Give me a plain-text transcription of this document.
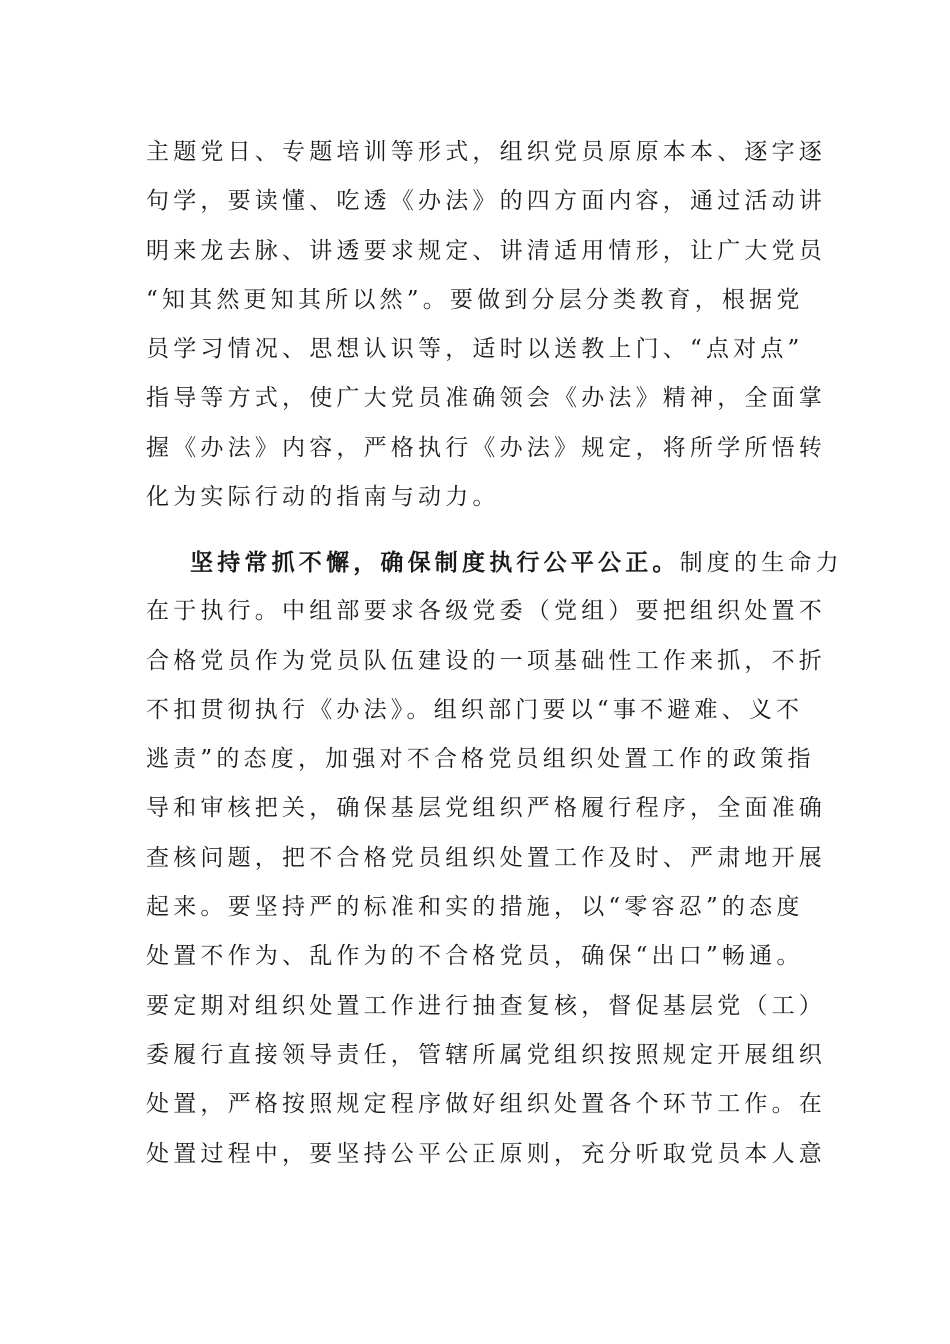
主题党日、专题培训等形式，组织党员原原本本、逐字逐
句学，要读懂、吃透《办法》的四方面内容，通过活动讲
明来龙去脉、讲透要求规定、讲清适用情形，让广大党员
“知其然更知其所以然”。要做到分层分类教育，根据党
员学习情况、思想认识等，适时以送教上门、“点对点”
指导等方式，使广大党员准确领会《办法》精神，全面掌
握《办法》内容，严格执行《办法》规定，将所学所悟转
化为实际行动的指南与动力。
坚持常抓不懈，确保制度执行公平公正。制度的生命力
在于执行。中组部要求各级党委（党组）要把组织处置不
合格党员作为党员队伍建设的一项基础性工作来抓，不折
不扣贯彻执行《办法》。组织部门要以“事不避难、义不
逃责”的态度，加强对不合格党员组织处置工作的政策指
导和审核把关，确保基层党组织严格履行程序，全面准确
查核问题，把不合格党员组织处置工作及时、严肃地开展
起来。要坚持严的标准和实的措施，以“零容忍”的态度
处置不作为、乱作为的不合格党员，确保“出口”畅通。
要定期对组织处置工作进行抽查复核，督促基层党（工）
委履行直接领导责任，管辖所属党组织按照规定开展组织
处置，严格按照规定程序做好组织处置各个环节工作。在
处置过程中，要坚持公平公正原则，充分听取党员本人意
